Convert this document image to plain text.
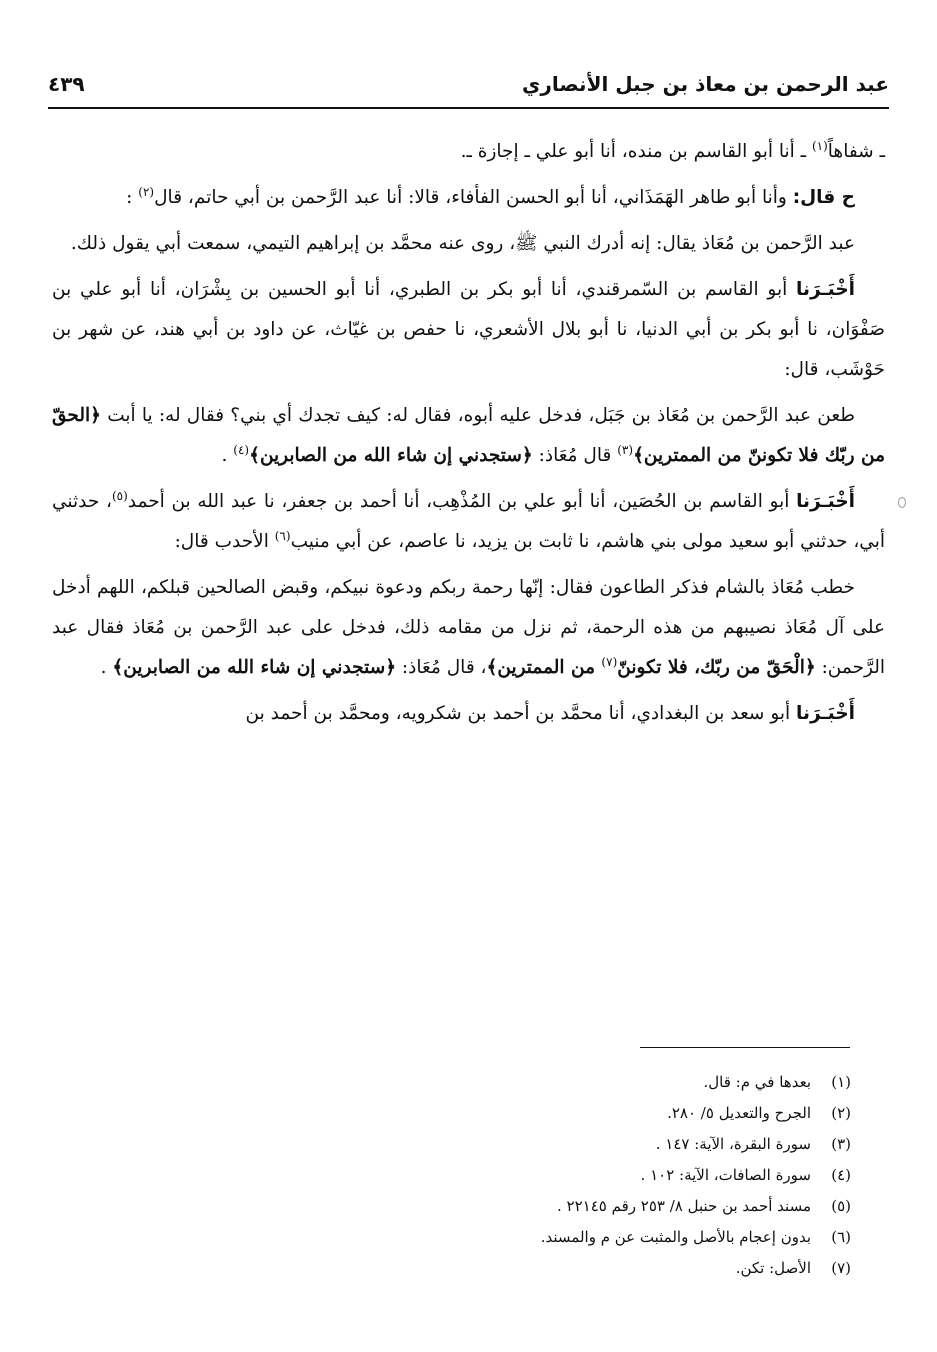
عبد الرحمن بن معاذ بن جبل الأنصاري
٤٣٩

ـ شفاهاً$^{(١)}$ ـ أنا أبو القاسم بن منده، أنا أبو علي ـ إجازة ـ.

ح قال: وأنا أبو طاهر الهَمَذَاني، أنا أبو الحسن الفأفاء، قالا: أنا عبد الرَّحمن بن أبي حاتم، قال$^{(٢)}$ :

عبد الرَّحمن بن مُعَاذ يقال: إنه أدرك النبي ﷺ، روى عنه محمَّد بن إبراهيم التيمي، سمعت أبي يقول ذلك.

أَخْبَـرَنا أبو القاسم بن السّمرقندي، أنا أبو بكر بن الطبري، أنا أبو الحسين بن بِشْرَان، أنا أبو علي بن صَفْوَان، نا أبو بكر بن أبي الدنيا، نا أبو بلال الأشعري، نا حفص بن غيّاث، عن داود بن أبي هند، عن شهر بن حَوْشَب، قال:

طعن عبد الرَّحمن بن مُعَاذ بن جَبَل، فدخل عليه أبوه، فقال له: كيف تجدك أي بني؟ فقال له: يا أبت ﴿الحقّ من ربّك فلا تكوننّ من الممترين﴾$^{(٣)}$ قال مُعَاذ: ﴿ستجدني إن شاء الله من الصابرين﴾$^{(٤)}$ .

أَخْبَـرَنا أبو القاسم بن الحُصَين، أنا أبو علي بن المُذْهِب، أنا أحمد بن جعفر، نا عبد الله بن أحمد$^{(٥)}$، حدثني أبي، حدثني أبو سعيد مولى بني هاشم، نا ثابت بن يزيد، نا عاصم، عن أبي منيب$^{(٦)}$ الأحدب قال:

خطب مُعَاذ بالشام فذكر الطاعون فقال: إنّها رحمة ربكم ودعوة نبيكم، وقبض الصالحين قبلكم، اللهم أدخل على آل مُعَاذ نصيبهم من هذه الرحمة، ثم نزل من مقامه ذلك، فدخل على عبد الرَّحمن بن مُعَاذ فقال عبد الرَّحمن: ﴿الْحَقّ من ربّك، فلا تكوننّ$^{(٧)}$ من الممترين﴾، قال مُعَاذ: ﴿ستجدني إن شاء الله من الصابرين﴾ .

أَخْبَـرَنا أبو سعد بن البغدادي، أنا محمَّد بن أحمد بن شكرويه، ومحمَّد بن أحمد بن

(١)بعدها في م: قال.

(٢)الجرح والتعديل ٥/ ٢٨٠.

(٣)سورة البقرة، الآية: ١٤٧ .

(٤)سورة الصافات، الآية: ١٠٢ .

(٥)مسند أحمد بن حنبل ٨/ ٢٥٣ رقم ٢٢١٤٥ .

(٦)بدون إعجام بالأصل والمثبت عن م والمسند.

(٧)الأصل: تكن.
